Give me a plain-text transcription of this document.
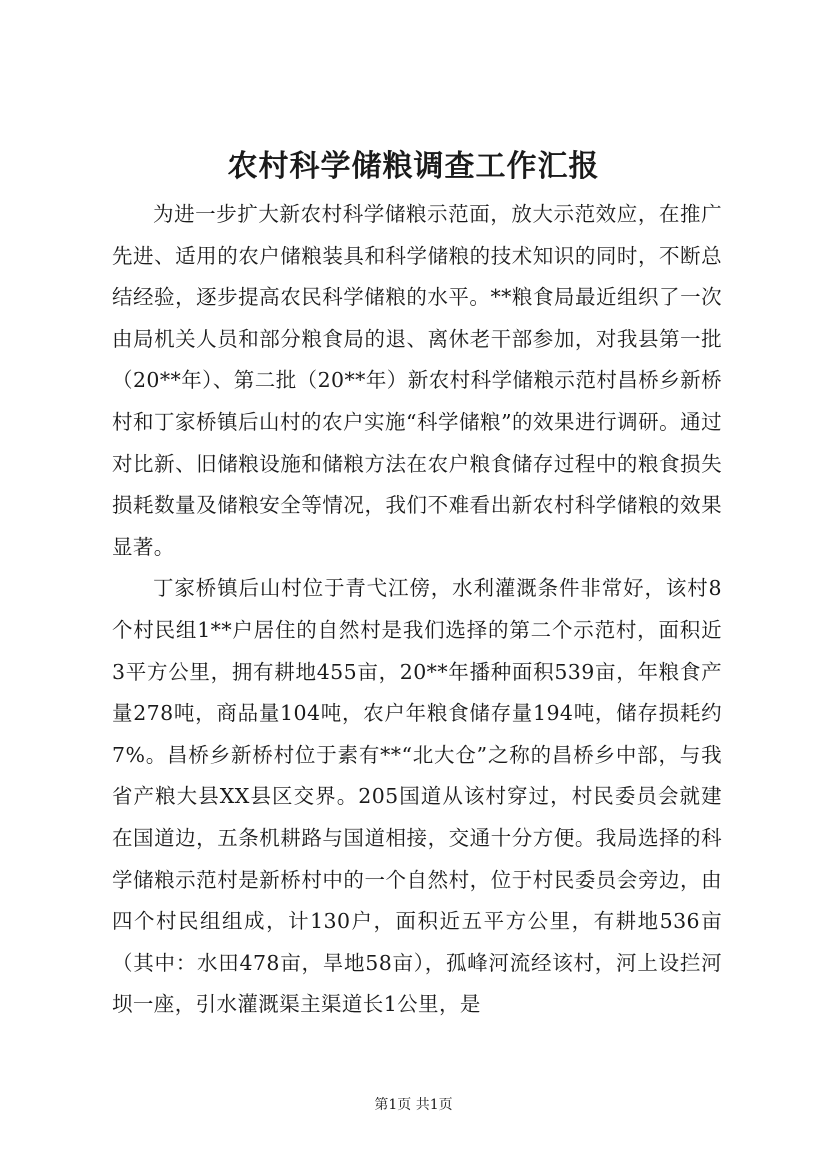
农村科学储粮调查工作汇报

为进一步扩大新农村科学储粮示范面，放大示范效应，在推广先进、适用的农户储粮装具和科学储粮的技术知识的同时，不断总结经验，逐步提高农民科学储粮的水平。**粮食局最近组织了一次由局机关人员和部分粮食局的退、离休老干部参加，对我县第一批（20**年）、第二批（20**年）新农村科学储粮示范村昌桥乡新桥村和丁家桥镇后山村的农户实施“科学储粮”的效果进行调研。通过对比新、旧储粮设施和储粮方法在农户粮食储存过程中的粮食损失损耗数量及储粮安全等情况，我们不难看出新农村科学储粮的效果显著。

丁家桥镇后山村位于青弋江傍，水利灌溉条件非常好，该村8个村民组1**户居住的自然村是我们选择的第二个示范村，面积近3平方公里，拥有耕地455亩，20**年播种面积539亩，年粮食产量278吨，商品量104吨，农户年粮食储存量194吨，储存损耗约7%。昌桥乡新桥村位于素有**“北大仓”之称的昌桥乡中部，与我省产粮大县XX县区交界。205国道从该村穿过，村民委员会就建在国道边，五条机耕路与国道相接，交通十分方便。我局选择的科学储粮示范村是新桥村中的一个自然村，位于村民委员会旁边，由四个村民组组成，计130户，面积近五平方公里，有耕地536亩（其中：水田478亩，旱地58亩），孤峰河流经该村，河上设拦河坝一座，引水灌溉渠主渠道长1公里，是

第1页 共1页
